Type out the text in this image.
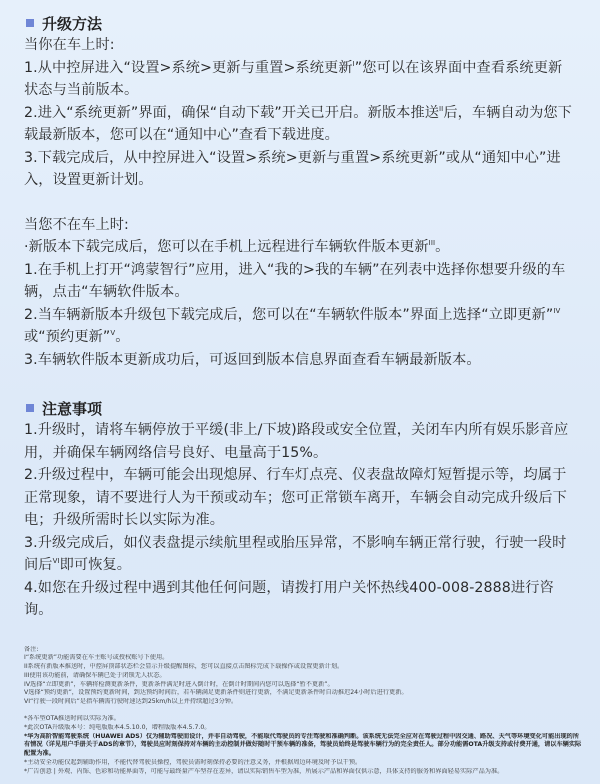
升级方法

当你在车上时:

1.从中控屏进入“设置>系统>更新与重置>系统更新$^I$”您可以在该界面中查看系统更新状态与当前版本。

2.进入“系统更新”界面，确保“自动下载”开关已开启。新版本推送$^{II}$后，车辆自动为您下载最新版本，您可以在“通知中心”查看下载进度。

3.下载完成后，从中控屏进入“设置>系统>更新与重置>系统更新”或从“通知中心”进入，设置更新计划。

当您不在车上时:

·新版本下载完成后，您可以在手机上远程进行车辆软件版本更新$^{III}$。

1.在手机上打开“鸿蒙智行”应用，进入“我的>我的车辆”在列表中选择你想要升级的车辆，点击“车辆软件版本。

2.当车辆新版本升级包下载完成后，您可以在“车辆软件版本”界面上选择“立即更新”$^{IV}$或“预约更新”$^V$。

3.车辆软件版本更新成功后，可返回到版本信息界面查看车辆最新版本。

注意事项

1.升级时，请将车辆停放于平缓(非上/下坡)路段或安全位置，关闭车内所有娱乐影音应用，并确保车辆网络信号良好、电量高于15%。

2.升级过程中，车辆可能会出现熄屏、行车灯点亮、仪表盘故障灯短暂提示等，均属于正常现象，请不要进行人为干预或动车；您可正常锁车离开，车辆会自动完成升级后下电；升级所需时长以实际为准。

3.升级完成后，如仪表盘提示续航里程或胎压异常，不影响车辆正常行驶，行驶一段时间后$^{VI}$即可恢复。

4.如您在升级过程中遇到其他任何问题，请拨打用户关怀热线400-008-2888进行咨询。

备注:
I“系统更新”功能需要在车主账号或授权账号下使用。
II系统有新版本推送时，中控屏顶部状态栏会显示升级提醒图标，您可以直接点击图标完成下载操作或设置更新计划。
III使用该功能前，请确保车辆已处于闭锁无人状态。
IV选择“立即更新”，车辆将检测更新条件，更新条件满足时进入倒计时，在倒计时期间内您可以选择“暂不更新”。
V选择“预约更新”，设置预约更新时间，到达预约时间后，若车辆满足更新条件则进行更新，不满足更新条件时自动推迟24小时后进行更新。
VI“行驶一段时间后”是指车辆需行驶时速达到25km/h以上并持续超过3分钟。
*各车型OTA推送时间以实际为准。
*此次OTA升级版本号：纯电版版本4.5.10.0，增程版版本4.5.7.0。
*华为高阶智能驾驶系统（HUAWEI ADS）仅为辅助驾驶而设计，并非自动驾驶，不能取代驾驶员的专注驾驶和准确判断。该系统无法完全应对在驾驶过程中因交通、路况、天气等环境变化可能出现的所有情况（详见用户手册关于ADS的章节），驾驶员应时刻保持对车辆的主动控制并做好随时干预车辆的准备，驾驶员始终是驾驶车辆行为的完全责任人。部分功能需OTA升级支持或付费开通，请以车辆实际配置为准。
*主动安全功能仅起到辅助作用，不能代替驾驶员操控，驾驶员需时刻保持必要的注意义务，并根据周边环境及时予以干预。
*广告创意 | 外观、内饰、色彩和功能界面等，可能与最终量产车型存在差异，请以实际销售车型为准，所展示产品和界面仅供示意，具体支持的服务和界面轻易实际产品为准。
